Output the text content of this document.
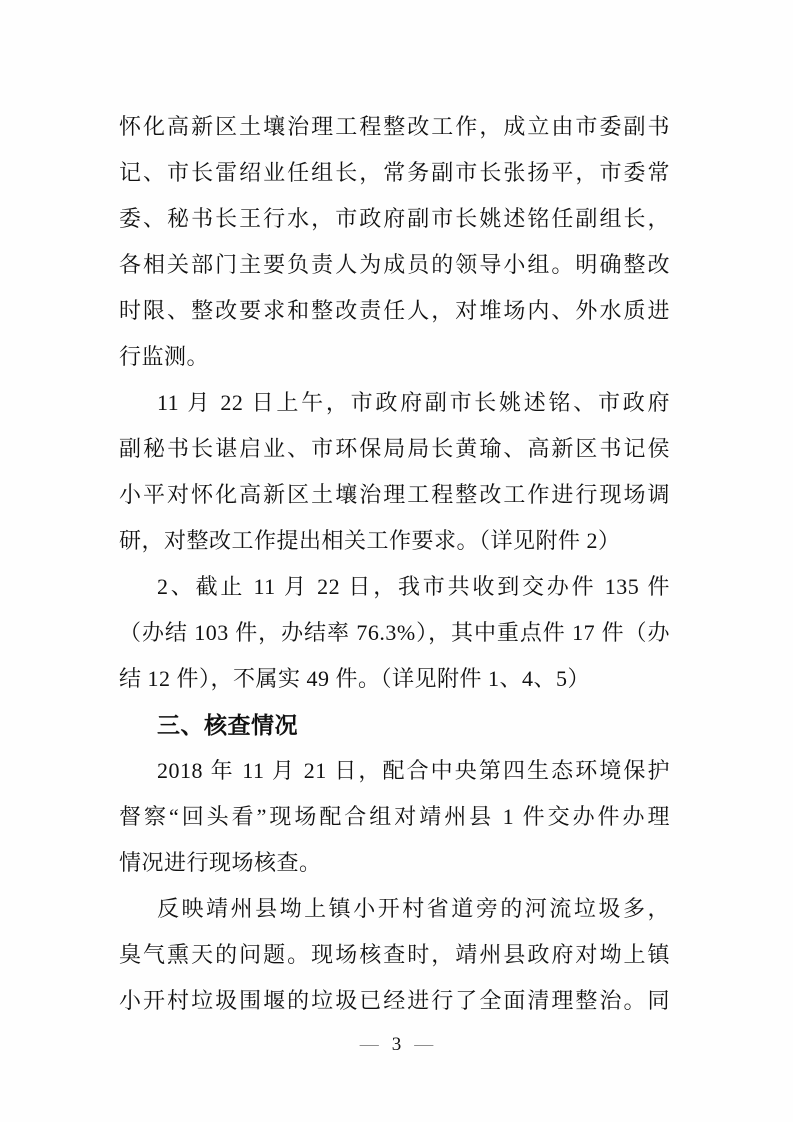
怀化高新区土壤治理工程整改工作，成立由市委副书
记、市长雷绍业任组长，常务副市长张扬平，市委常
委、秘书长王行水，市政府副市长姚述铭任副组长，
各相关部门主要负责人为成员的领导小组。明确整改
时限、整改要求和整改责任人，对堆场内、外水质进
行监测。
11 月 22 日上午，市政府副市长姚述铭、市政府
副秘书长谌启业、市环保局局长黄瑜、高新区书记侯
小平对怀化高新区土壤治理工程整改工作进行现场调
研，对整改工作提出相关工作要求。（详见附件 2）
2、截止 11 月 22 日，我市共收到交办件 135 件
（办结 103 件，办结率 76.3%），其中重点件 17 件（办
结 12 件），不属实 49 件。（详见附件 1、4、5）
三、核查情况
2018 年 11 月 21 日，配合中央第四生态环境保护
督察“回头看”现场配合组对靖州县 1 件交办件办理
情况进行现场核查。
反映靖州县坳上镇小开村省道旁的河流垃圾多，
臭气熏天的问题。现场核查时，靖州县政府对坳上镇
小开村垃圾围堰的垃圾已经进行了全面清理整治。同
— 3 —
